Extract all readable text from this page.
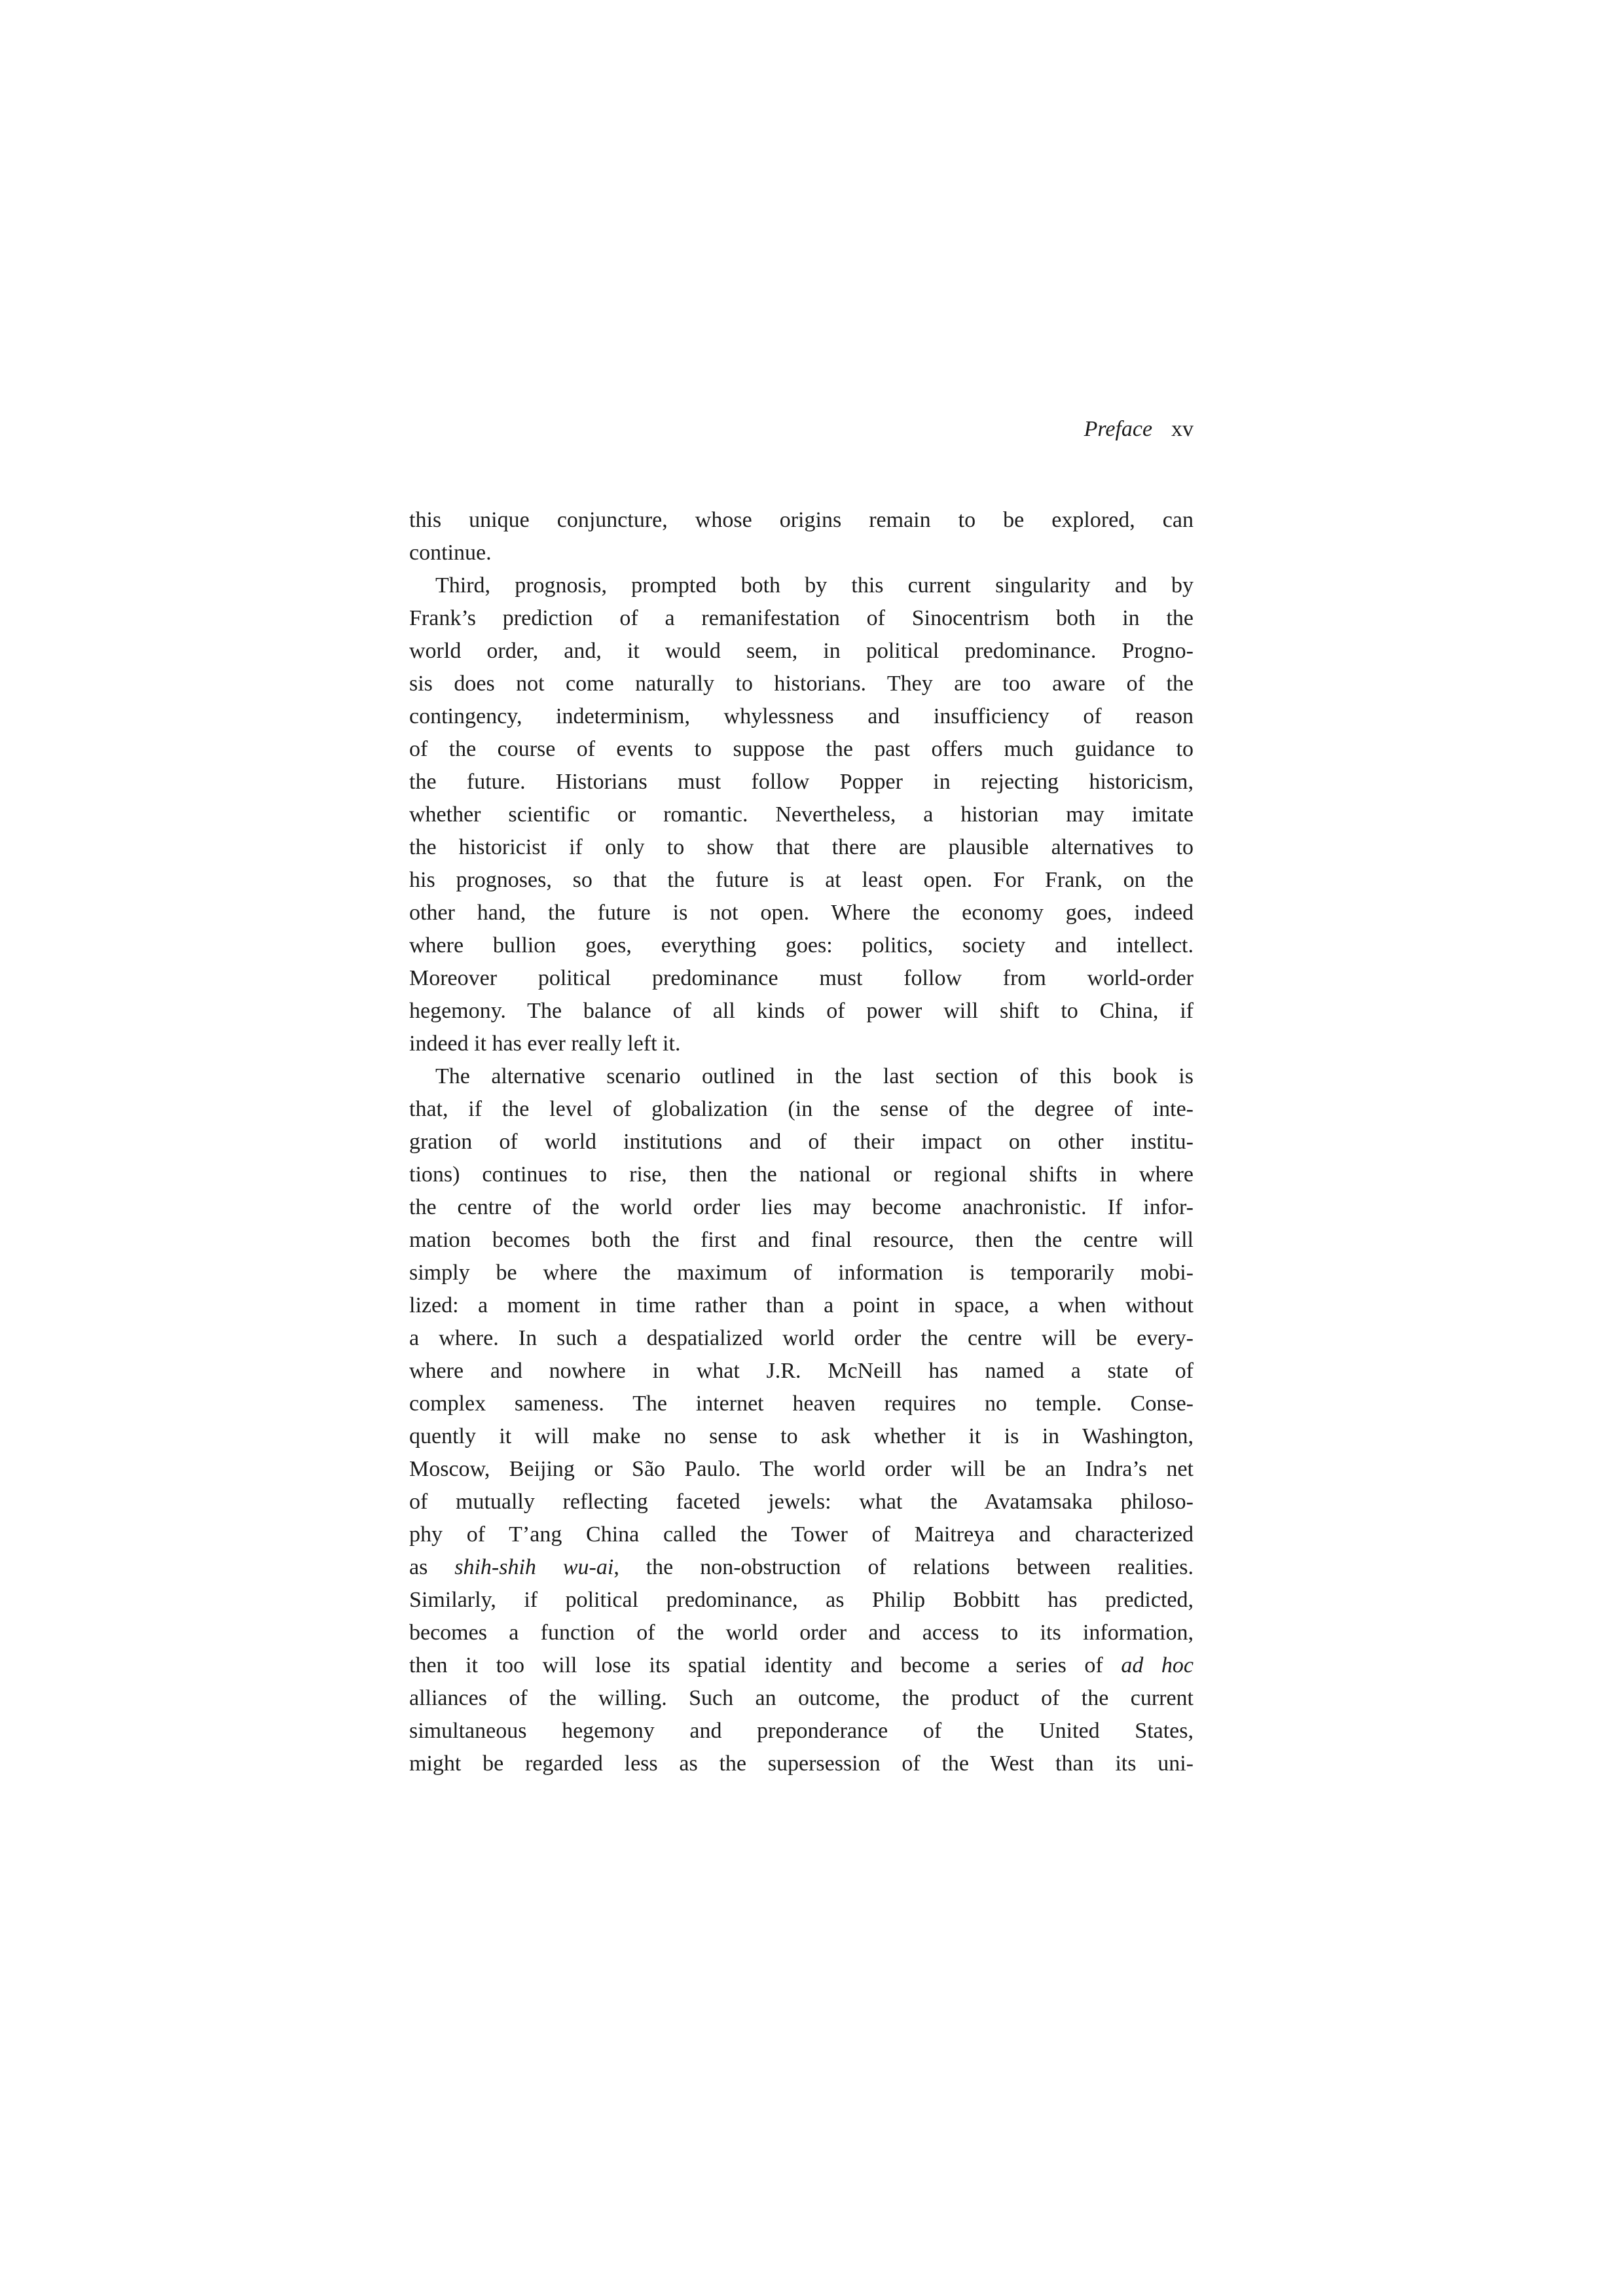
Preface xv
this unique conjuncture, whose origins remain to be explored, can
continue.
Third, prognosis, prompted both by this current singularity and by
Frank’s prediction of a remanifestation of Sinocentrism both in the
world order, and, it would seem, in political predominance. Progno-
sis does not come naturally to historians. They are too aware of the
contingency, indeterminism, whylessness and insufficiency of reason
of the course of events to suppose the past offers much guidance to
the future. Historians must follow Popper in rejecting historicism,
whether scientific or romantic. Nevertheless, a historian may imitate
the historicist if only to show that there are plausible alternatives to
his prognoses, so that the future is at least open. For Frank, on the
other hand, the future is not open. Where the economy goes, indeed
where bullion goes, everything goes: politics, society and intellect.
Moreover political predominance must follow from world-order
hegemony. The balance of all kinds of power will shift to China, if
indeed it has ever really left it.
The alternative scenario outlined in the last section of this book is
that, if the level of globalization (in the sense of the degree of inte-
gration of world institutions and of their impact on other institu-
tions) continues to rise, then the national or regional shifts in where
the centre of the world order lies may become anachronistic. If infor-
mation becomes both the first and final resource, then the centre will
simply be where the maximum of information is temporarily mobi-
lized: a moment in time rather than a point in space, a when without
a where. In such a despatialized world order the centre will be every-
where and nowhere in what J.R. McNeill has named a state of
complex sameness. The internet heaven requires no temple. Conse-
quently it will make no sense to ask whether it is in Washington,
Moscow, Beijing or São Paulo. The world order will be an Indra’s net
of mutually reflecting faceted jewels: what the Avatamsaka philoso-
phy of T’ang China called the Tower of Maitreya and characterized
as shih-shih wu-ai, the non-obstruction of relations between realities.
Similarly, if political predominance, as Philip Bobbitt has predicted,
becomes a function of the world order and access to its information,
then it too will lose its spatial identity and become a series of ad hoc
alliances of the willing. Such an outcome, the product of the current
simultaneous hegemony and preponderance of the United States,
might be regarded less as the supersession of the West than its uni-
